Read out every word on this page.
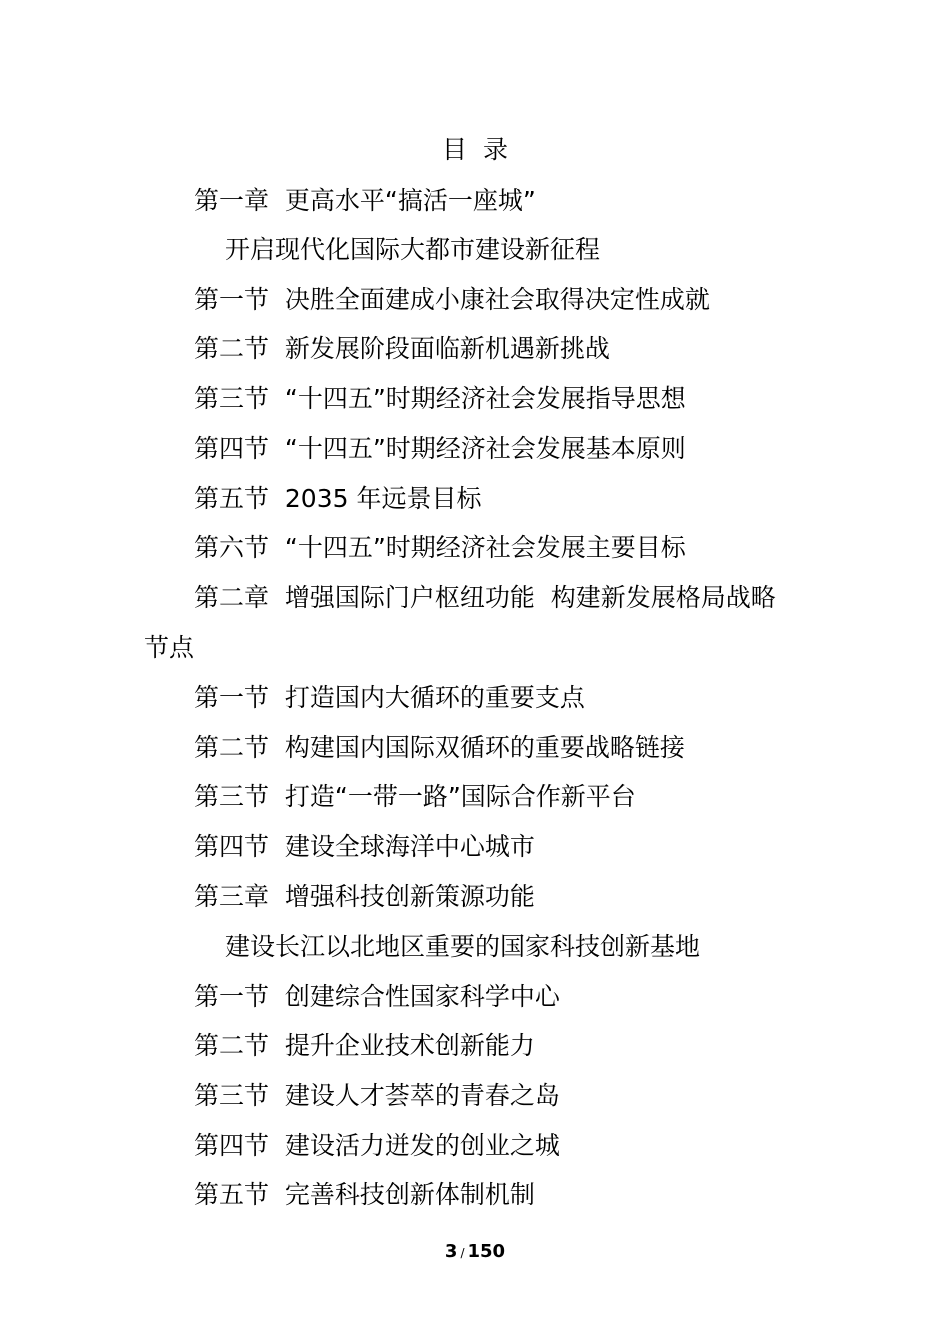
目  录
第一章  更高水平“搞活一座城”
开启现代化国际大都市建设新征程
第一节  决胜全面建成小康社会取得决定性成就
第二节  新发展阶段面临新机遇新挑战
第三节  “十四五”时期经济社会发展指导思想
第四节  “十四五”时期经济社会发展基本原则
第五节  2035 年远景目标
第六节  “十四五”时期经济社会发展主要目标
第二章  增强国际门户枢纽功能  构建新发展格局战略
节点
第一节  打造国内大循环的重要支点
第二节  构建国内国际双循环的重要战略链接
第三节  打造“一带一路”国际合作新平台
第四节  建设全球海洋中心城市
第三章  增强科技创新策源功能
建设长江以北地区重要的国家科技创新基地
第一节  创建综合性国家科学中心
第二节  提升企业技术创新能力
第三节  建设人才荟萃的青春之岛
第四节  建设活力迸发的创业之城
第五节  完善科技创新体制机制
3 / 150
